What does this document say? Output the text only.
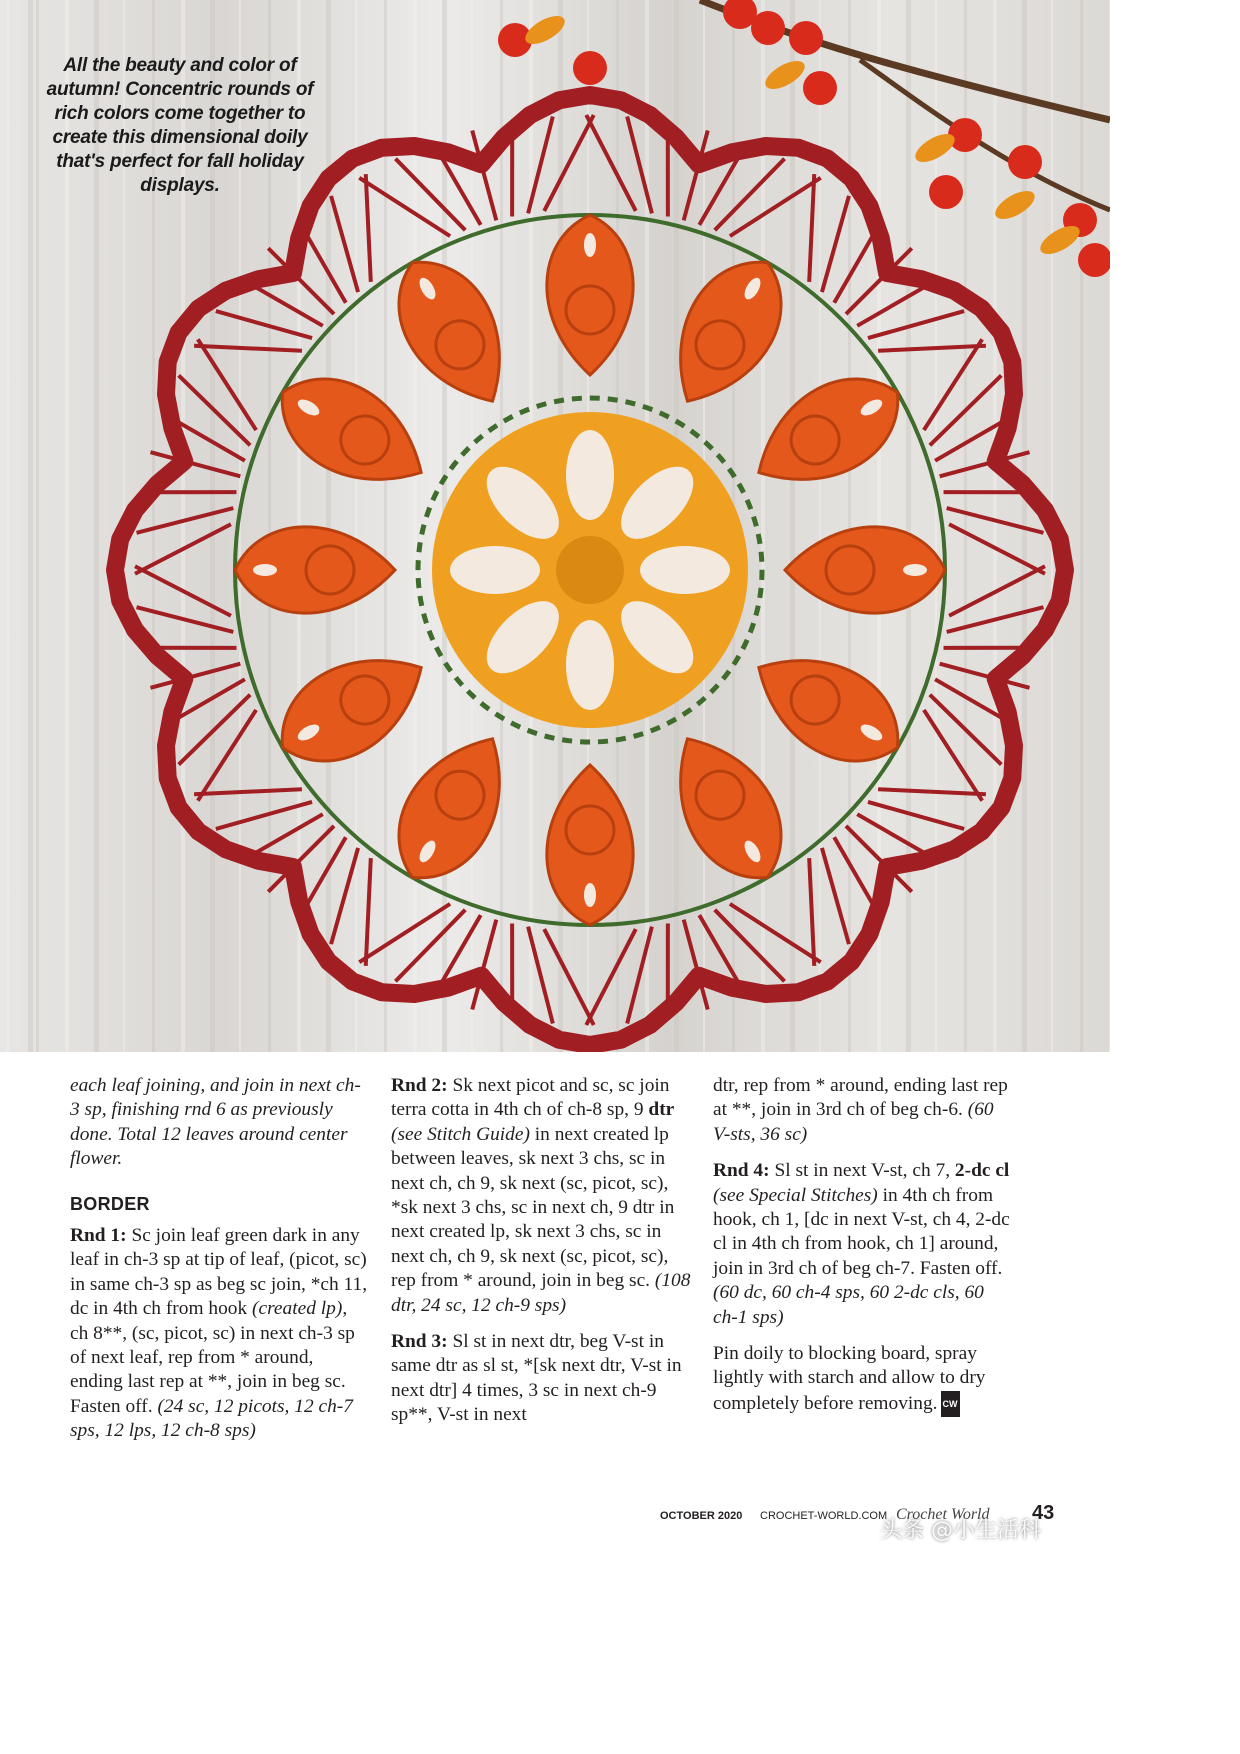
All the beauty and color of autumn! Concentric rounds of rich colors come together to create this dimensional doily that's perfect for fall holiday displays.

each leaf joining, and join in next ch-3 sp, finishing rnd 6 as previously done. Total 12 leaves around center flower.

BORDER

Rnd 1: Sc join leaf green dark in any leaf in ch-3 sp at tip of leaf, (picot, sc) in same ch-3 sp as beg sc join, *ch 11, dc in 4th ch from hook (created lp), ch 8**, (sc, picot, sc) in next ch-3 sp of next leaf, rep from * around, ending last rep at **, join in beg sc. Fasten off. (24 sc, 12 picots, 12 ch-7 sps, 12 lps, 12 ch-8 sps)

Rnd 2: Sk next picot and sc, sc join terra cotta in 4th ch of ch-8 sp, 9 dtr (see Stitch Guide) in next created lp between leaves, sk next 3 chs, sc in next ch, ch 9, sk next (sc, picot, sc), *sk next 3 chs, sc in next ch, 9 dtr in next created lp, sk next 3 chs, sc in next ch, ch 9, sk next (sc, picot, sc), rep from * around, join in beg sc. (108 dtr, 24 sc, 12 ch-9 sps)

Rnd 3: Sl st in next dtr, beg V-st in same dtr as sl st, *[sk next dtr, V-st in next dtr] 4 times, 3 sc in next ch-9 sp**, V-st in next

dtr, rep from * around, ending last rep at **, join in 3rd ch of beg ch-6. (60 V-sts, 36 sc)

Rnd 4: Sl st in next V-st, ch 7, 2-dc cl (see Special Stitches) in 4th ch from hook, ch 1, [dc in next V-st, ch 4, 2-dc cl in 4th ch from hook, ch 1] around, join in 3rd ch of beg ch-7. Fasten off. (60 dc, 60 ch-4 sps, 60 2-dc cls, 60 ch-1 sps)

Pin doily to blocking board, spray lightly with starch and allow to dry completely before removing. CW

OCTOBER 2020 CROCHET-WORLD.COM Crochet World 43
头条 @小生活科
